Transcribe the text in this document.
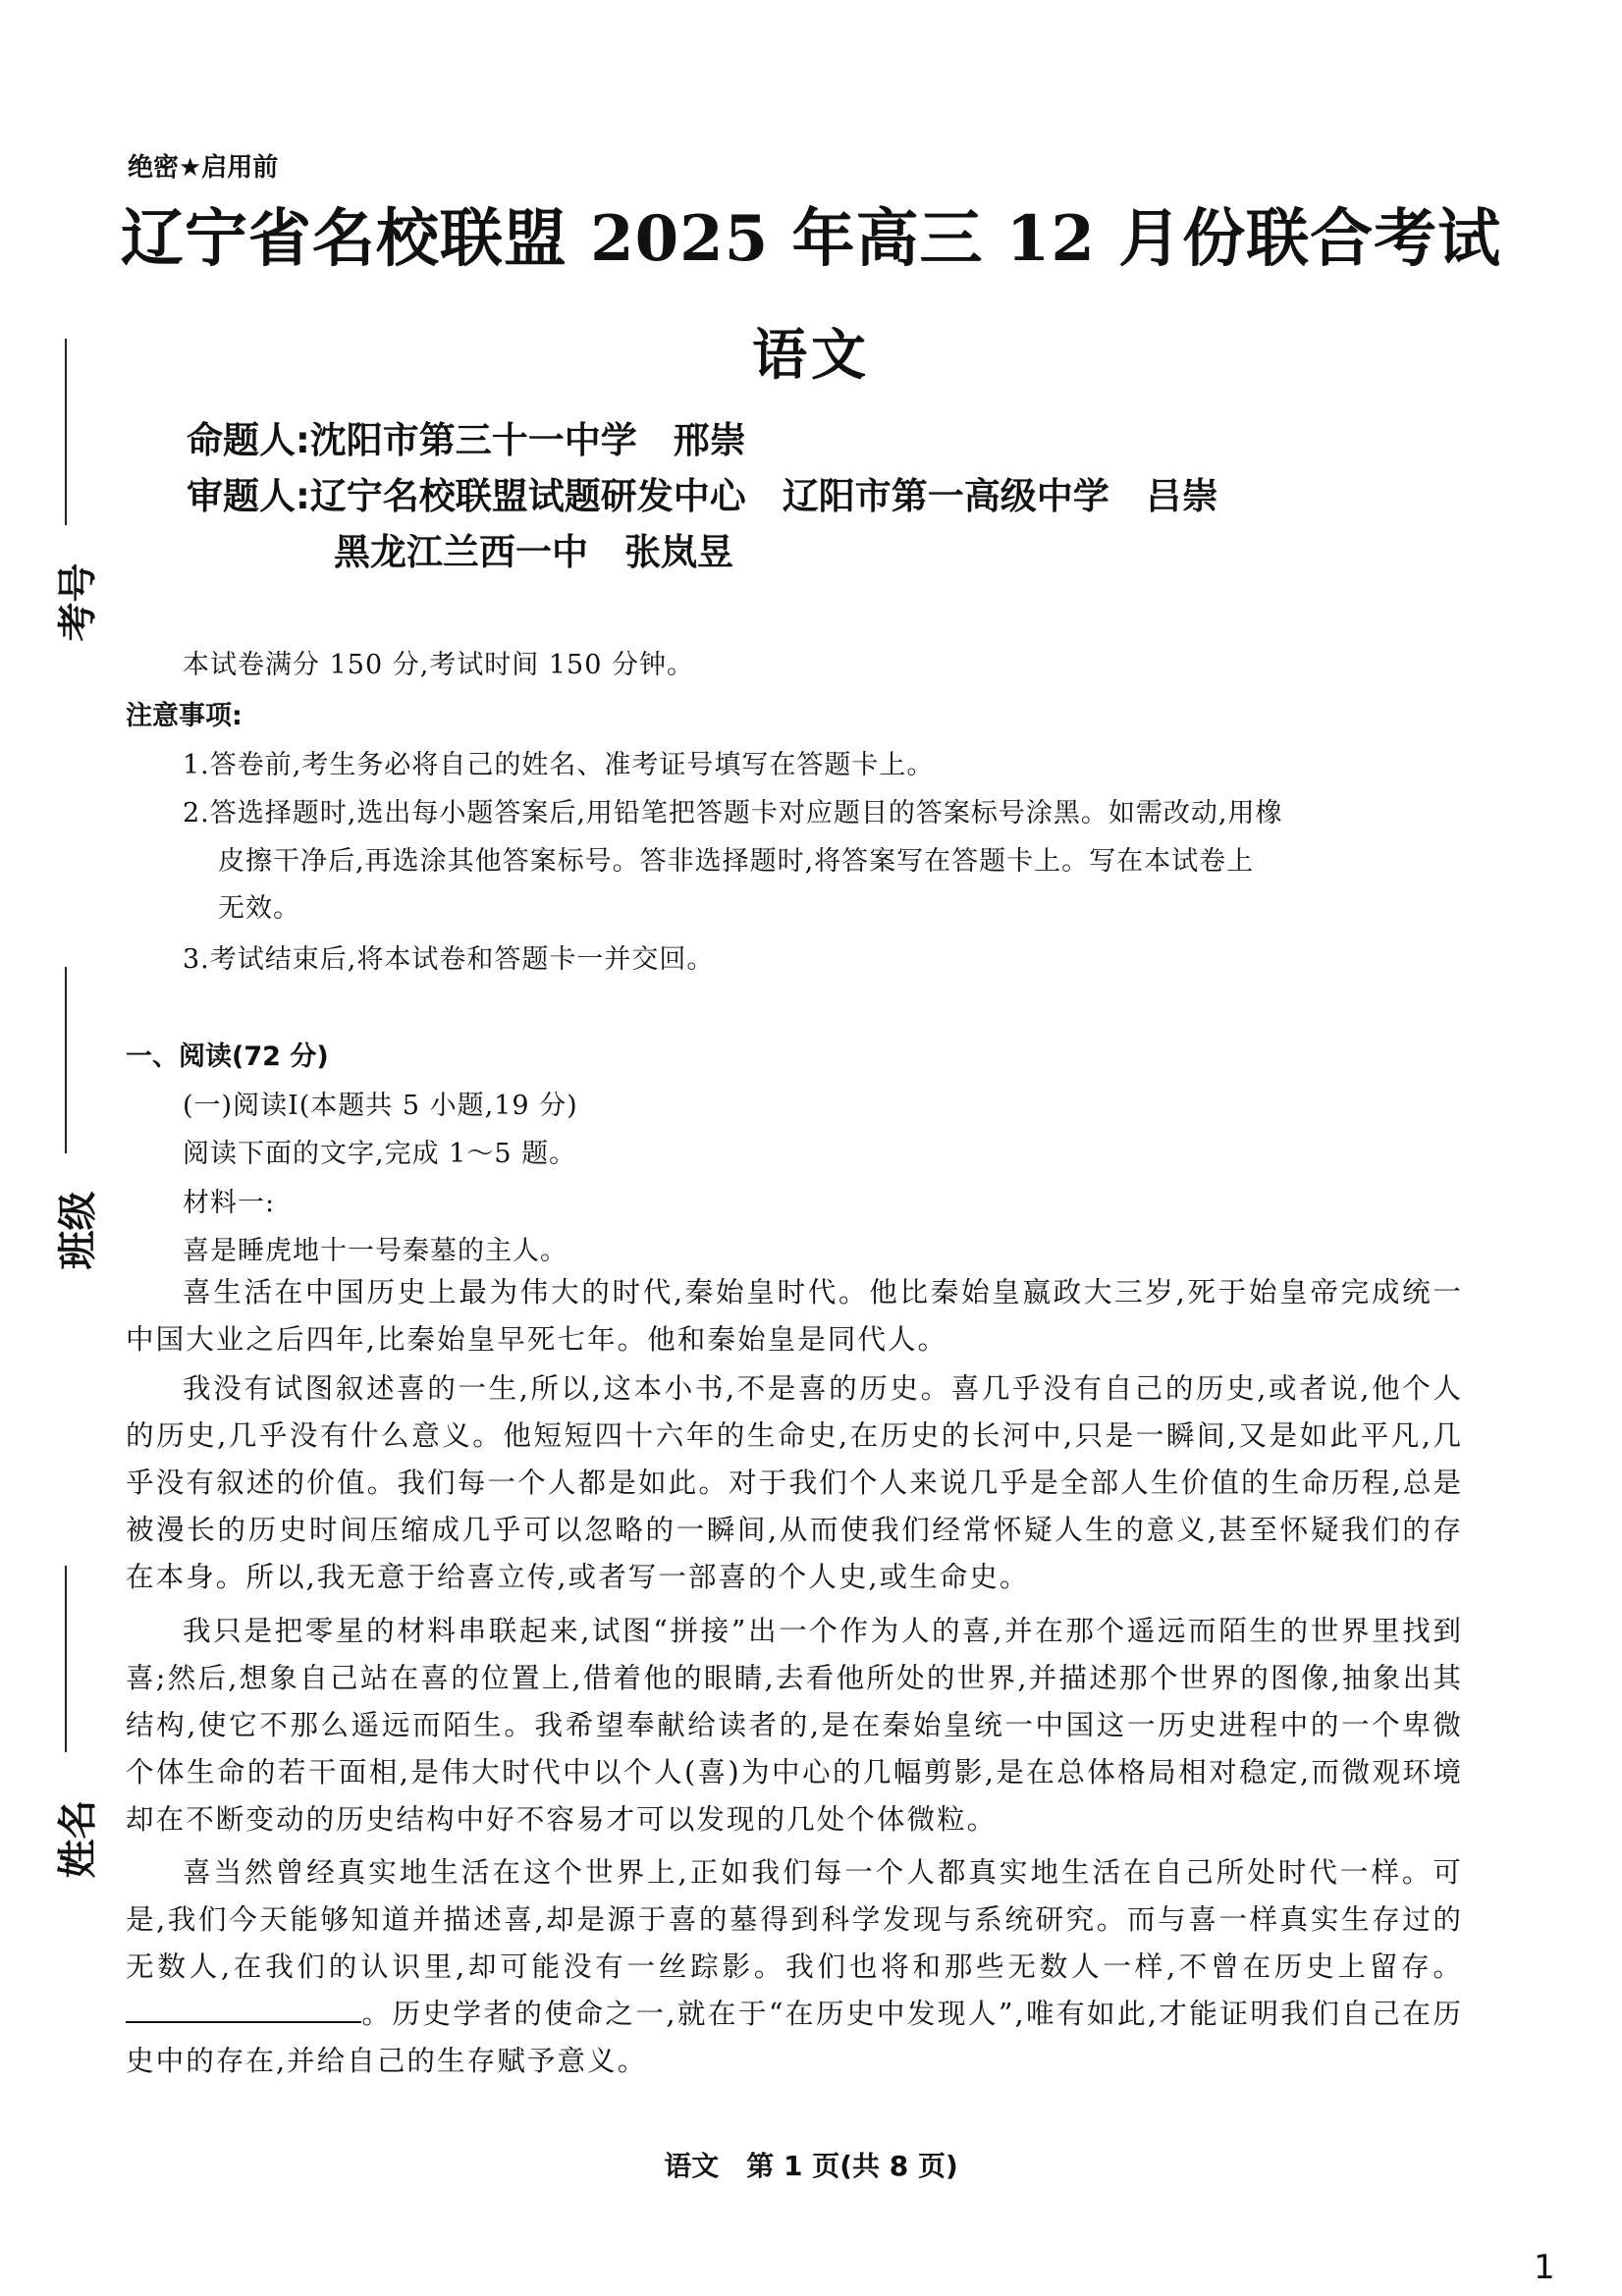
考号
班级
姓名
绝密★启用前
辽宁省名校联盟 2025 年高三 12 月份联合考试
语文
命题人:沈阳市第三十一中学　邢崇
审题人:辽宁名校联盟试题研发中心　辽阳市第一高级中学　吕崇
黑龙江兰西一中　张岚昱
本试卷满分 150 分,考试时间 150 分钟。
注意事项:
1.答卷前,考生务必将自己的姓名、准考证号填写在答题卡上。
2.答选择题时,选出每小题答案后,用铅笔把答题卡对应题目的答案标号涂黑。如需改动,用橡
皮擦干净后,再选涂其他答案标号。答非选择题时,将答案写在答题卡上。写在本试卷上
无效。
3.考试结束后,将本试卷和答题卡一并交回。
一、阅读(72 分)
(一)阅读Ⅰ(本题共 5 小题,19 分)
阅读下面的文字,完成 1～5 题。
材料一:
喜是睡虎地十一号秦墓的主人。

喜生活在中国历史上最为伟大的时代,秦始皇时代。他比秦始皇嬴政大三岁,死于始皇帝完成统一中国大业之后四年,比秦始皇早死七年。他和秦始皇是同代人。

我没有试图叙述喜的一生,所以,这本小书,不是喜的历史。喜几乎没有自己的历史,或者说,他个人的历史,几乎没有什么意义。他短短四十六年的生命史,在历史的长河中,只是一瞬间,又是如此平凡,几乎没有叙述的价值。我们每一个人都是如此。对于我们个人来说几乎是全部人生价值的生命历程,总是被漫长的历史时间压缩成几乎可以忽略的一瞬间,从而使我们经常怀疑人生的意义,甚至怀疑我们的存在本身。所以,我无意于给喜立传,或者写一部喜的个人史,或生命史。

我只是把零星的材料串联起来,试图“拼接”出一个作为人的喜,并在那个遥远而陌生的世界里找到喜;然后,想象自己站在喜的位置上,借着他的眼睛,去看他所处的世界,并描述那个世界的图像,抽象出其结构,使它不那么遥远而陌生。我希望奉献给读者的,是在秦始皇统一中国这一历史进程中的一个卑微个体生命的若干面相,是伟大时代中以个人(喜)为中心的几幅剪影,是在总体格局相对稳定,而微观环境却在不断变动的历史结构中好不容易才可以发现的几处个体微粒。

喜当然曾经真实地生活在这个世界上,正如我们每一个人都真实地生活在自己所处时代一样。可是,我们今天能够知道并描述喜,却是源于喜的墓得到科学发现与系统研究。而与喜一样真实生存过的无数人,在我们的认识里,却可能没有一丝踪影。我们也将和那些无数人一样,不曾在历史上留存。。历史学者的使命之一,就在于“在历史中发现人”,唯有如此,才能证明我们自己在历史中的存在,并给自己的生存赋予意义。

语文　第 1 页(共 8 页)
1
